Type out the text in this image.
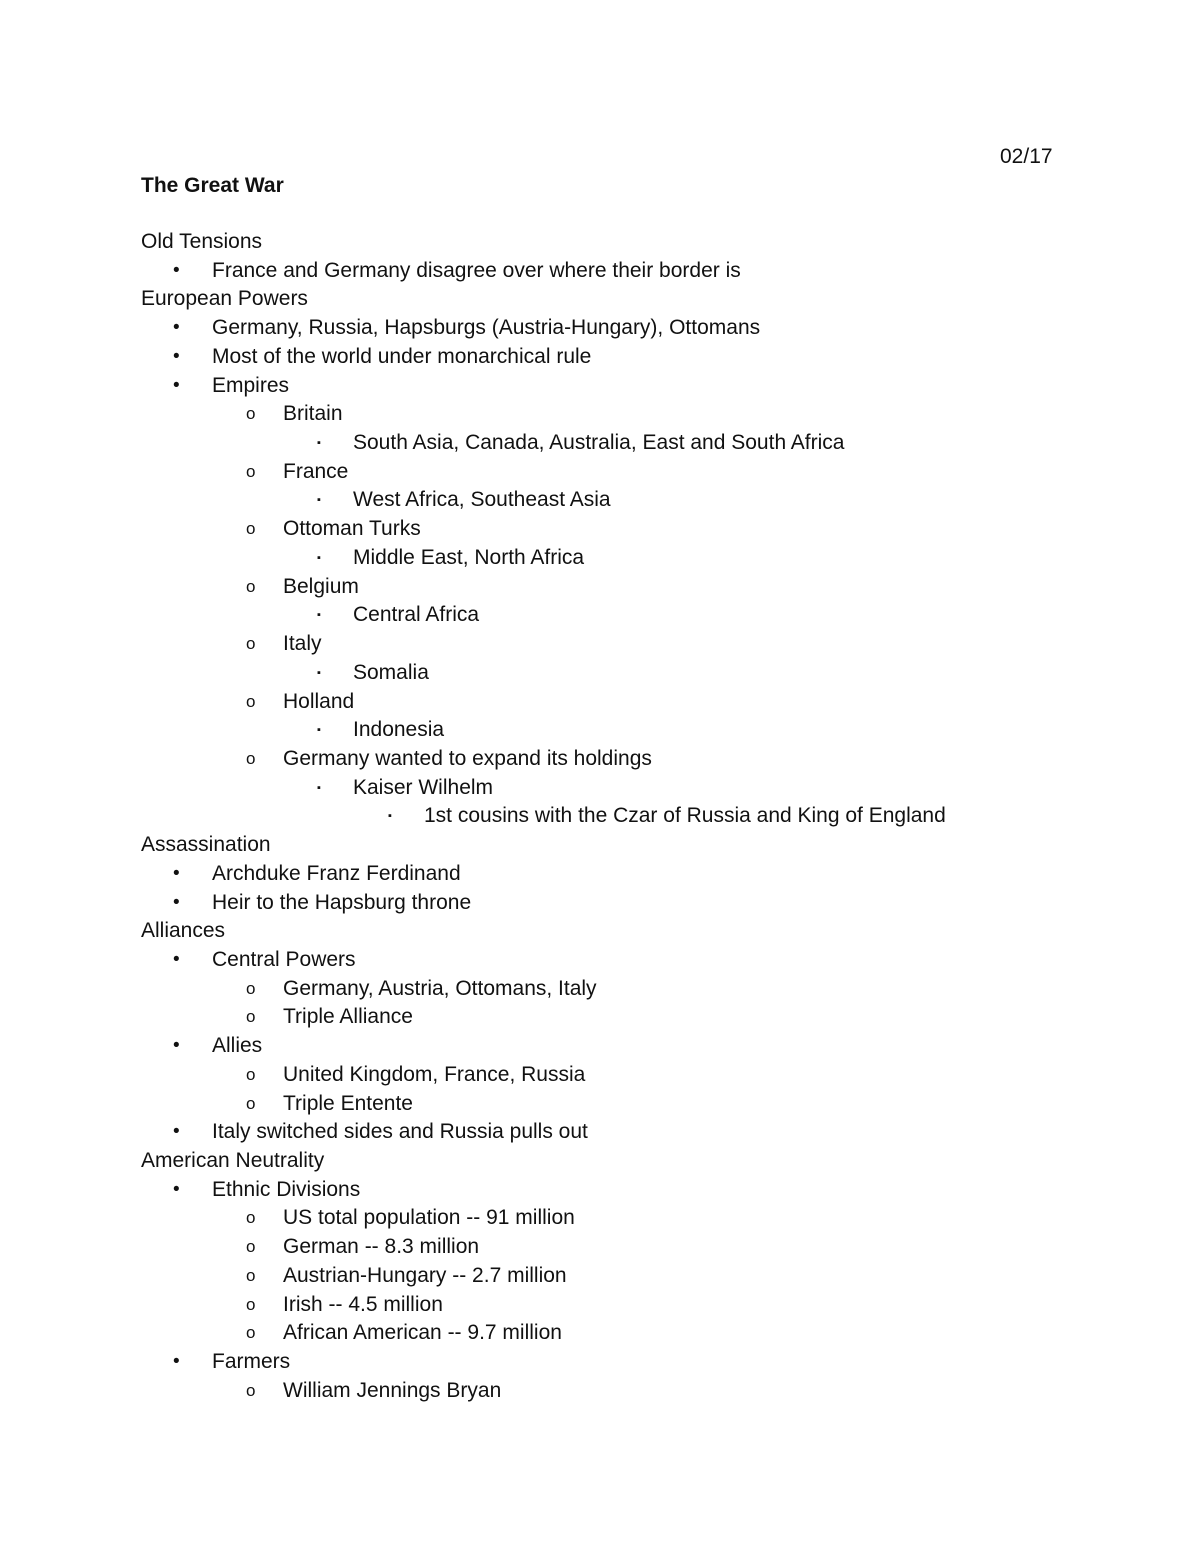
02/17
The Great War
Old Tensions
• France and Germany disagree over where their border is
European Powers
• Germany, Russia, Hapsburgs (Austria-Hungary), Ottomans
• Most of the world under monarchical rule
• Empires
o Britain
▪ South Asia, Canada, Australia, East and South Africa
o France
▪ West Africa, Southeast Asia
o Ottoman Turks
▪ Middle East, North Africa
o Belgium
▪ Central Africa
o Italy
▪ Somalia
o Holland
▪ Indonesia
o Germany wanted to expand its holdings
▪ Kaiser Wilhelm
▪ 1st cousins with the Czar of Russia and King of England
Assassination
• Archduke Franz Ferdinand
• Heir to the Hapsburg throne
Alliances
• Central Powers
o Germany, Austria, Ottomans, Italy
o Triple Alliance
• Allies
o United Kingdom, France, Russia
o Triple Entente
• Italy switched sides and Russia pulls out
American Neutrality
• Ethnic Divisions
o US total population -- 91 million
o German -- 8.3 million
o Austrian-Hungary -- 2.7 million
o Irish -- 4.5 million
o African American -- 9.7 million
• Farmers
o William Jennings Bryan
